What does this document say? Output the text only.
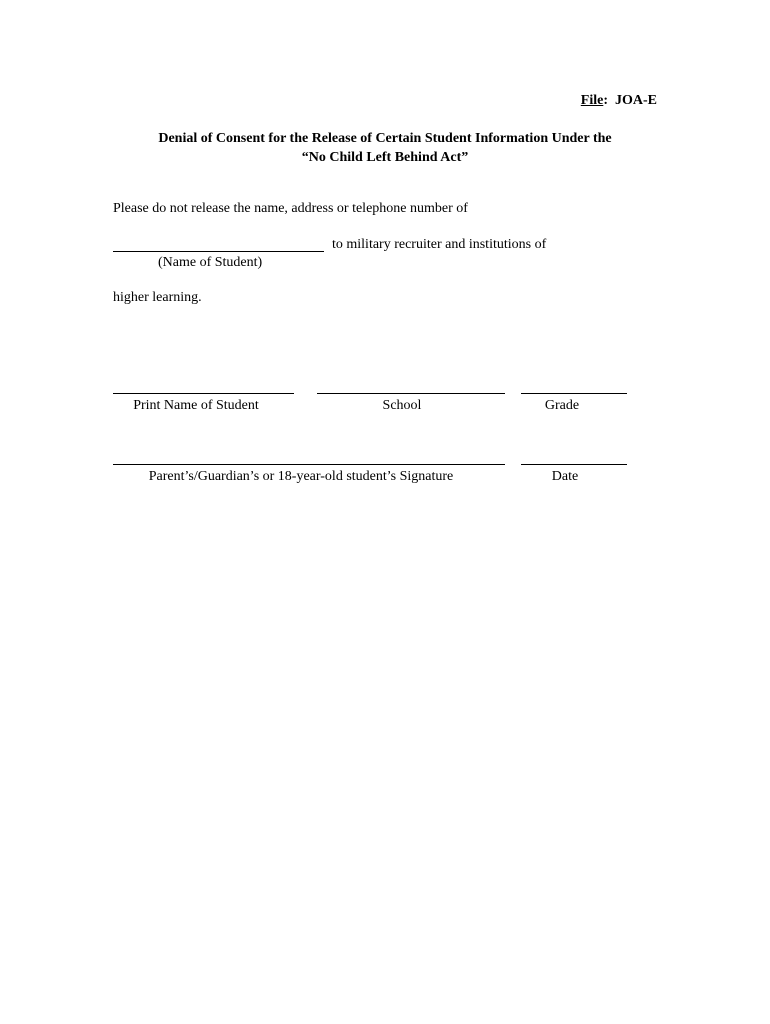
File: JOA-E
Denial of Consent for the Release of Certain Student Information Under the
“No Child Left Behind Act”
Please do not release the name, address or telephone number of
to military recruiter and institutions of
(Name of Student)
higher learning.
Print Name of Student	School	Grade
Parent’s/Guardian’s or 18-year-old student’s Signature	Date
